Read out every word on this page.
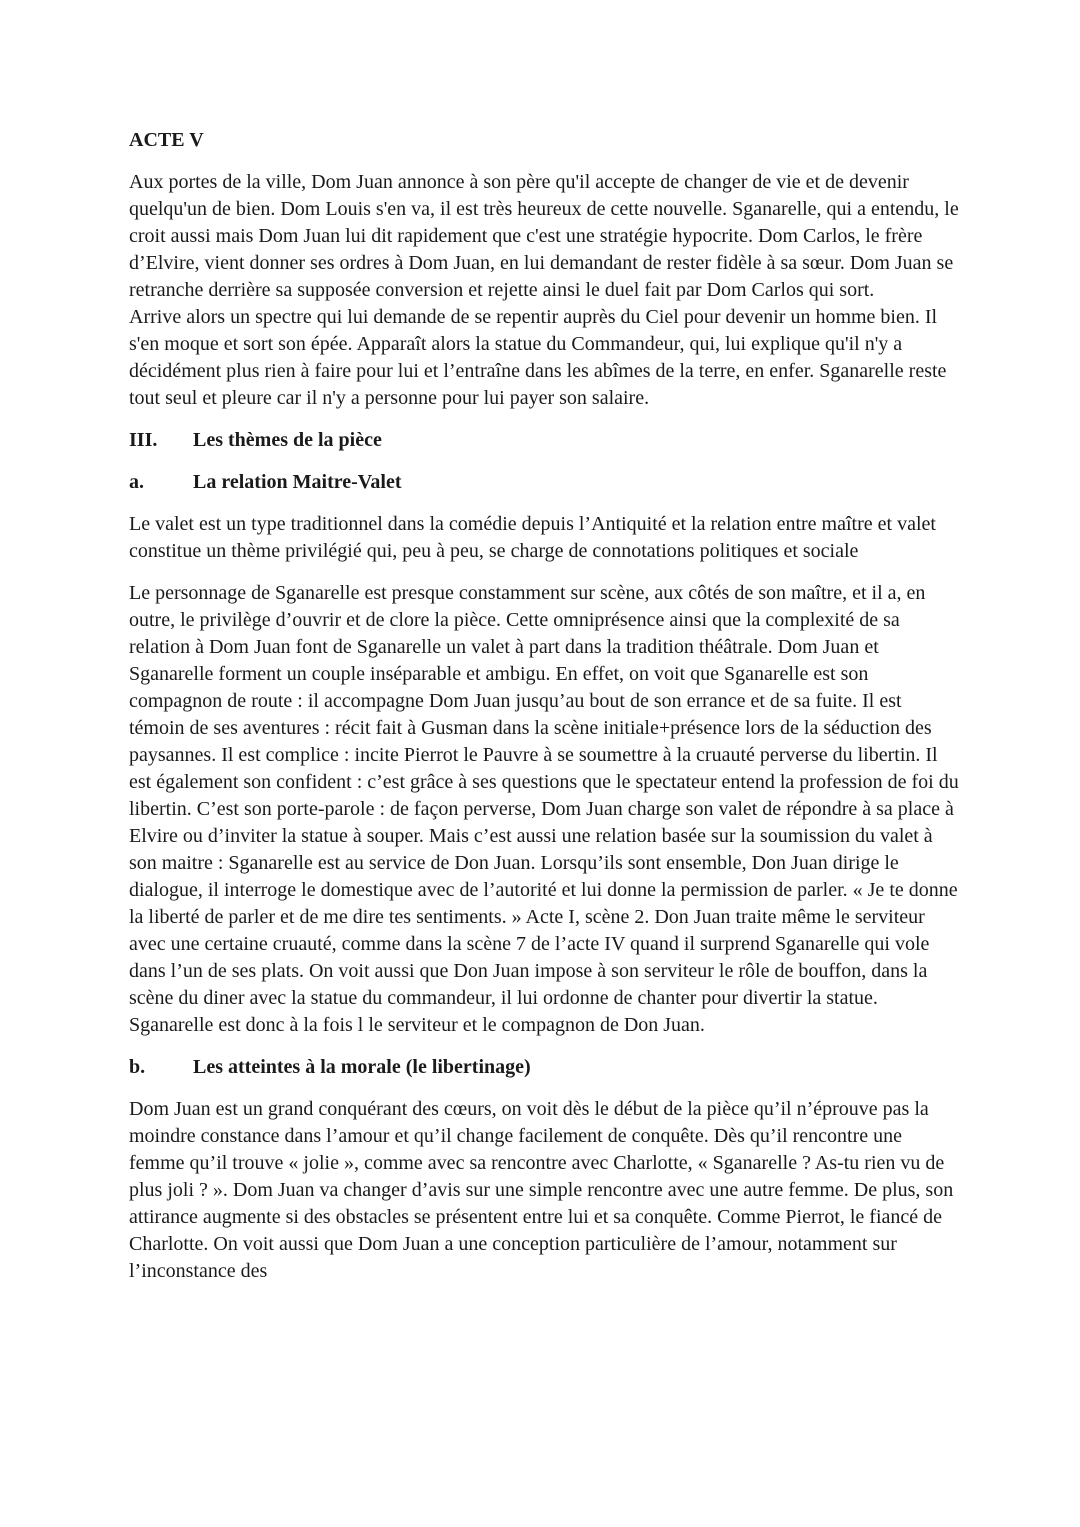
ACTE V

Aux portes de la ville, Dom Juan annonce à son père qu'il accepte de changer de vie et de devenir quelqu'un de bien. Dom Louis s'en va, il est très heureux de cette nouvelle. Sganarelle, qui a entendu, le croit aussi mais Dom Juan lui dit rapidement que c'est une stratégie hypocrite. Dom Carlos, le frère d’Elvire, vient donner ses ordres à Dom Juan, en lui demandant de rester fidèle à sa sœur. Dom Juan se retranche derrière sa supposée conversion et rejette ainsi le duel fait par Dom Carlos qui sort.

Arrive alors un spectre qui lui demande de se repentir auprès du Ciel pour devenir un homme bien. Il s'en moque et sort son épée. Apparaît alors la statue du Commandeur, qui, lui explique qu'il n'y a décidément plus rien à faire pour lui et l’entraîne dans les abîmes de la terre, en enfer. Sganarelle reste tout seul et pleure car il n'y a personne pour lui payer son salaire.

III.	Les thèmes de la pièce

a.	La relation Maitre-Valet

Le valet est un type traditionnel dans la comédie depuis l’Antiquité et la relation entre maître et valet constitue un thème privilégié qui, peu à peu, se charge de connotations politiques et sociale

Le personnage de Sganarelle est presque constamment sur scène, aux côtés de son maître, et il a, en outre, le privilège d’ouvrir et de clore la pièce. Cette omniprésence ainsi que la complexité de sa relation à Dom Juan font de Sganarelle un valet à part dans la tradition théâtrale. Dom Juan et Sganarelle forment un couple inséparable et ambigu. En effet, on voit que Sganarelle est son compagnon de route : il accompagne Dom Juan jusqu’au bout de son errance et de sa fuite. Il est témoin de ses aventures : récit fait à Gusman dans la scène initiale+présence lors de la séduction des paysannes. Il est complice : incite Pierrot le Pauvre à se soumettre à la cruauté perverse du libertin. Il est également son confident : c’est grâce à ses questions que le spectateur entend la profession de foi du libertin. C’est son porte-parole : de façon perverse, Dom Juan charge son valet de répondre à sa place à Elvire ou d’inviter la statue à souper. Mais c’est aussi une relation basée sur la soumission du valet à son maitre : Sganarelle est au service de Don Juan. Lorsqu’ils sont ensemble, Don Juan dirige le dialogue, il interroge le domestique avec de l’autorité et lui donne la permission de parler. « Je te donne la liberté de parler et de me dire tes sentiments. » Acte I, scène 2. Don Juan traite même le serviteur avec une certaine cruauté, comme dans la scène 7 de l’acte IV quand il surprend Sganarelle qui vole dans l’un de ses plats. On voit aussi que Don Juan impose à son serviteur le rôle de bouffon, dans la scène du diner avec la statue du commandeur, il lui ordonne de chanter pour divertir la statue. Sganarelle est donc à la fois l le serviteur et le compagnon de Don Juan.

b.	Les atteintes à la morale (le libertinage)

Dom Juan est un grand conquérant des cœurs, on voit dès le début de la pièce qu’il n’éprouve pas la moindre constance dans l’amour et qu’il change facilement de conquête. Dès qu’il rencontre une femme qu’il trouve « jolie », comme avec sa rencontre avec Charlotte, « Sganarelle ? As-tu rien vu de plus joli ? ». Dom Juan va changer d’avis sur une simple rencontre avec une autre femme. De plus, son attirance augmente si des obstacles se présentent entre lui et sa conquête. Comme Pierrot, le fiancé de Charlotte. On voit aussi que Dom Juan a une conception particulière de l’amour, notamment sur l’inconstance des
